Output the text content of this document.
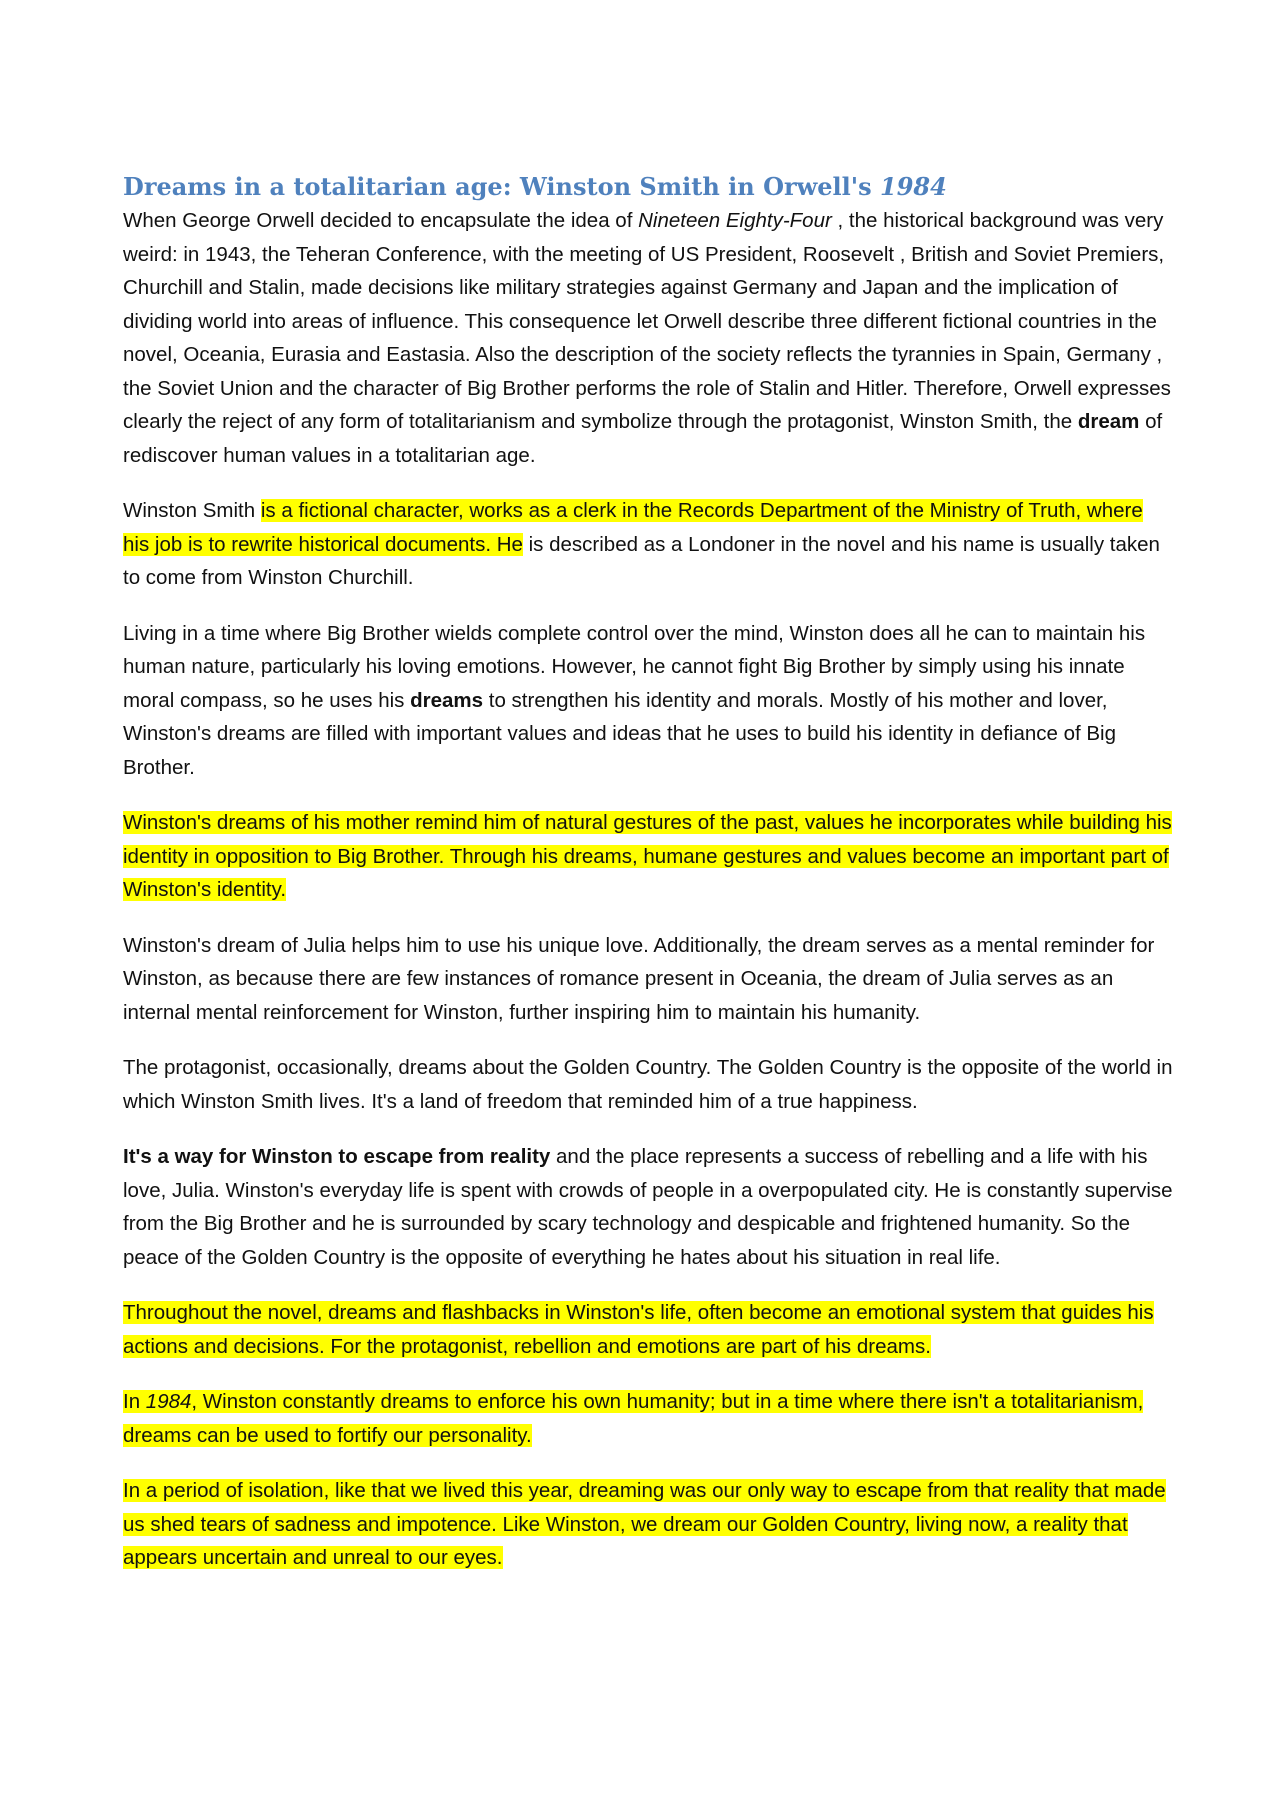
Dreams in a totalitarian age: Winston Smith in Orwell's 1984

When George Orwell decided to encapsulate the idea of Nineteen Eighty-Four , the historical background was very weird: in 1943, the Teheran Conference, with the meeting of US President, Roosevelt , British and Soviet Premiers, Churchill and Stalin, made decisions like military strategies against Germany and Japan and the implication of dividing world into areas of influence. This consequence let Orwell describe three different fictional countries in the novel, Oceania, Eurasia and Eastasia. Also the description of the society reflects the tyrannies in Spain, Germany , the Soviet Union and the character of Big Brother performs the role of Stalin and Hitler. Therefore, Orwell expresses clearly the reject of any form of totalitarianism and symbolize through the protagonist, Winston Smith, the dream of rediscover human values in a totalitarian age.

Winston Smith is a fictional character, works as a clerk in the Records Department of the Ministry of Truth, where his job is to rewrite historical documents. He is described as a Londoner in the novel and his name is usually taken to come from Winston Churchill.

Living in a time where Big Brother wields complete control over the mind, Winston does all he can to maintain his human nature, particularly his loving emotions. However, he cannot fight Big Brother by simply using his innate moral compass, so he uses his dreams to strengthen his identity and morals. Mostly of his mother and lover, Winston's dreams are filled with important values and ideas that he uses to build his identity in defiance of Big Brother.

Winston's dreams of his mother remind him of natural gestures of the past, values he incorporates while building his identity in opposition to Big Brother. Through his dreams, humane gestures and values become an important part of Winston's identity.

Winston's dream of Julia helps him to use his unique love. Additionally, the dream serves as a mental reminder for Winston, as because there are few instances of romance present in Oceania, the dream of Julia serves as an internal mental reinforcement for Winston, further inspiring him to maintain his humanity.

The protagonist, occasionally, dreams about the Golden Country. The Golden Country is the opposite of the world in which Winston Smith lives. It's a land of freedom that reminded him of a true happiness.

It's a way for Winston to escape from reality and the place represents a success of rebelling and a life with his love, Julia. Winston's everyday life is spent with crowds of people in a overpopulated city. He is constantly supervise from the Big Brother and he is surrounded by scary technology and despicable and frightened humanity. So the peace of the Golden Country is the opposite of everything he hates about his situation in real life.

Throughout the novel, dreams and flashbacks in Winston's life, often become an emotional system that guides his actions and decisions. For the protagonist, rebellion and emotions are part of his dreams.

In 1984, Winston constantly dreams to enforce his own humanity; but in a time where there isn't a totalitarianism, dreams can be used to fortify our personality.

In a period of isolation, like that we lived this year, dreaming was our only way to escape from that reality that made us shed tears of sadness and impotence. Like Winston, we dream our Golden Country, living now, a reality that appears uncertain and unreal to our eyes.
